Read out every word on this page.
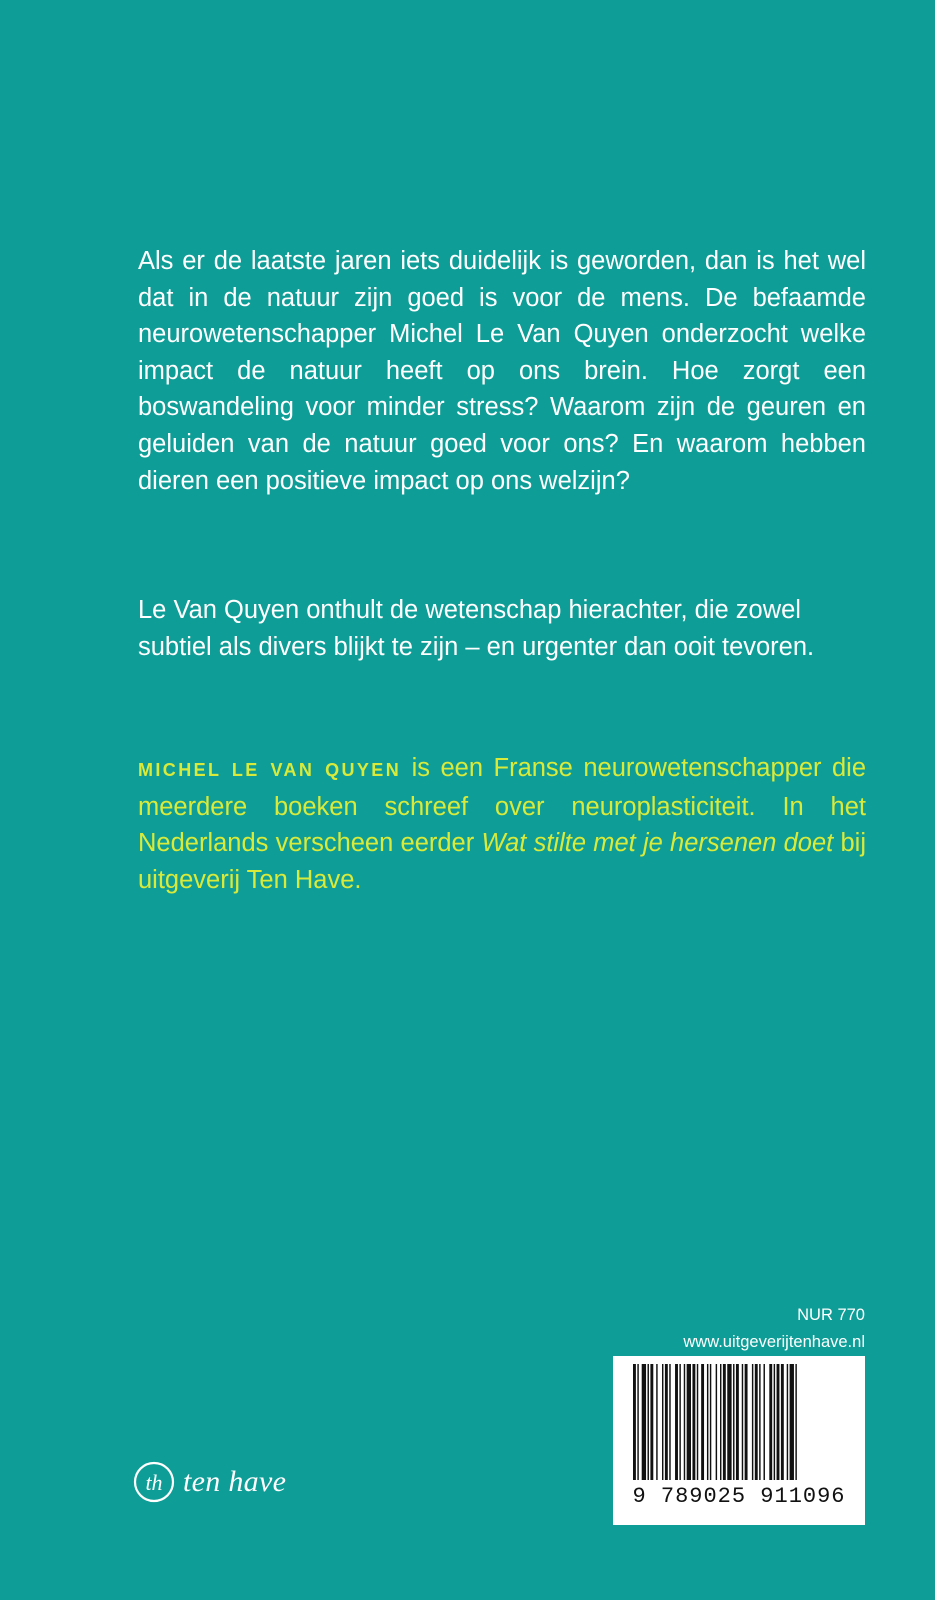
Als er de laatste jaren iets duidelijk is geworden, dan is het wel dat in de natuur zijn goed is voor de mens. De befaamde neurowetenschapper Michel Le Van Quyen onderzocht welke impact de natuur heeft op ons brein. Hoe zorgt een boswandeling voor minder stress? Waarom zijn de geuren en geluiden van de natuur goed voor ons? En waarom hebben dieren een positieve impact op ons welzijn?

Le Van Quyen onthult de wetenschap hierachter, die zowel subtiel als divers blijkt te zijn – en urgenter dan ooit tevoren.

MICHEL LE VAN QUYEN is een Franse neurowetenschapper die meerdere boeken schreef over neuroplasticiteit. In het Nederlands verscheen eerder Wat stilte met je hersenen doet bij uitgeverij Ten Have.

NUR 770

www.uitgeverijtenhave.nl

9 789025 911096
th ten have
